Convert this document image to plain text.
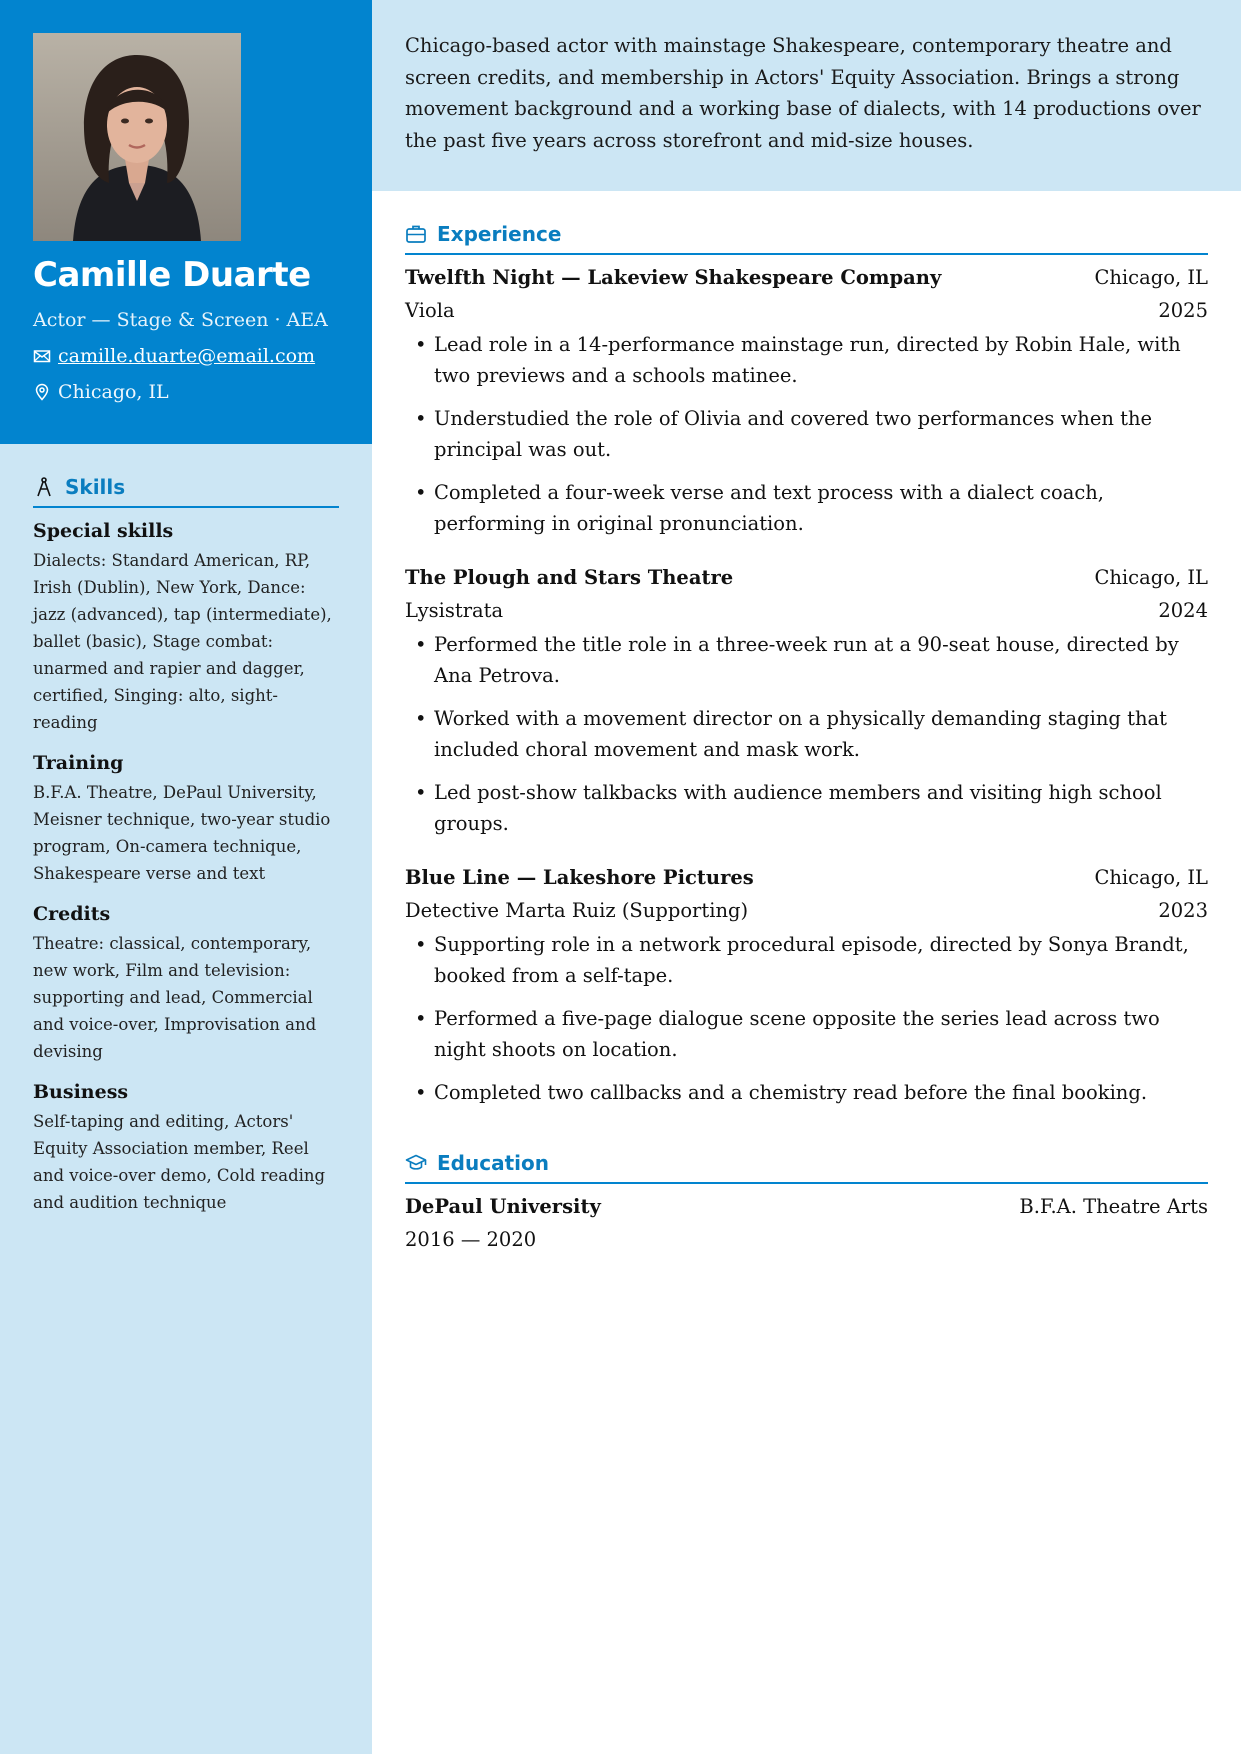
Camille Duarte
Actor — Stage & Screen · AEA
camille.duarte@email.com
Chicago, IL
Skills
Special skills
Dialects: Standard American, RP, Irish (Dublin), New York, Dance: jazz (advanced), tap (intermediate), ballet (basic), Stage combat: unarmed and rapier and dagger, certified, Singing: alto, sight-reading
Training
B.F.A. Theatre, DePaul University, Meisner technique, two-year studio program, On-camera technique, Shakespeare verse and text
Credits
Theatre: classical, contemporary, new work, Film and television: supporting and lead, Commercial and voice-over, Improvisation and devising
Business
Self-taping and editing, Actors' Equity Association member, Reel and voice-over demo, Cold reading and audition technique
Chicago-based actor with mainstage Shakespeare, contemporary theatre and screen credits, and membership in Actors' Equity Association. Brings a strong movement background and a working base of dialects, with 14 productions over the past five years across storefront and mid-size houses.
Experience
Twelfth Night — Lakeview Shakespeare Company	Chicago, IL
Viola	2025
• Lead role in a 14-performance mainstage run, directed by Robin Hale, with two previews and a schools matinee.
• Understudied the role of Olivia and covered two performances when the principal was out.
• Completed a four-week verse and text process with a dialect coach, performing in original pronunciation.
The Plough and Stars Theatre	Chicago, IL
Lysistrata	2024
• Performed the title role in a three-week run at a 90-seat house, directed by Ana Petrova.
• Worked with a movement director on a physically demanding staging that included choral movement and mask work.
• Led post-show talkbacks with audience members and visiting high school groups.
Blue Line — Lakeshore Pictures	Chicago, IL
Detective Marta Ruiz (Supporting)	2023
• Supporting role in a network procedural episode, directed by Sonya Brandt, booked from a self-tape.
• Performed a five-page dialogue scene opposite the series lead across two night shoots on location.
• Completed two callbacks and a chemistry read before the final booking.
Education
DePaul University	B.F.A. Theatre Arts
2016 — 2020
